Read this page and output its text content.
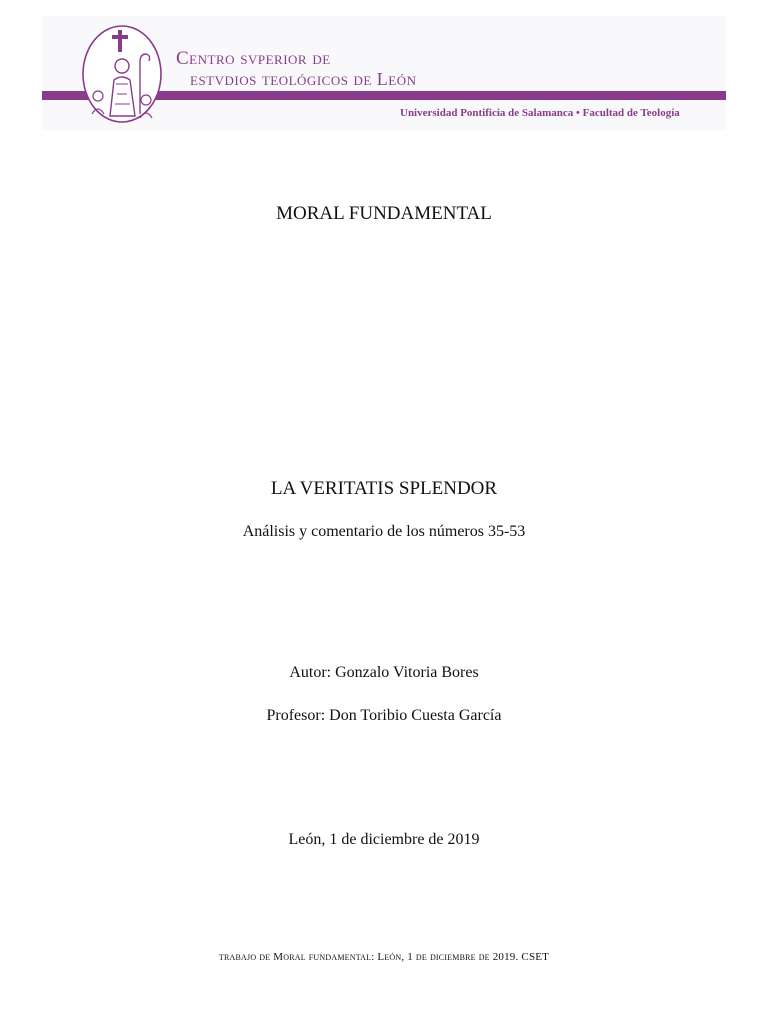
Centro svperior de
estvdios teológicos de León
Universidad Pontificia de Salamanca • Facultad de Teología
MORAL FUNDAMENTAL
LA VERITATIS SPLENDOR
Análisis y comentario de los números 35-53
Autor: Gonzalo Vitoria Bores
Profesor: Don Toribio Cuesta García
León, 1 de diciembre de 2019
trabajo de Moral fundamental: León, 1 de diciembre de 2019. CSET
